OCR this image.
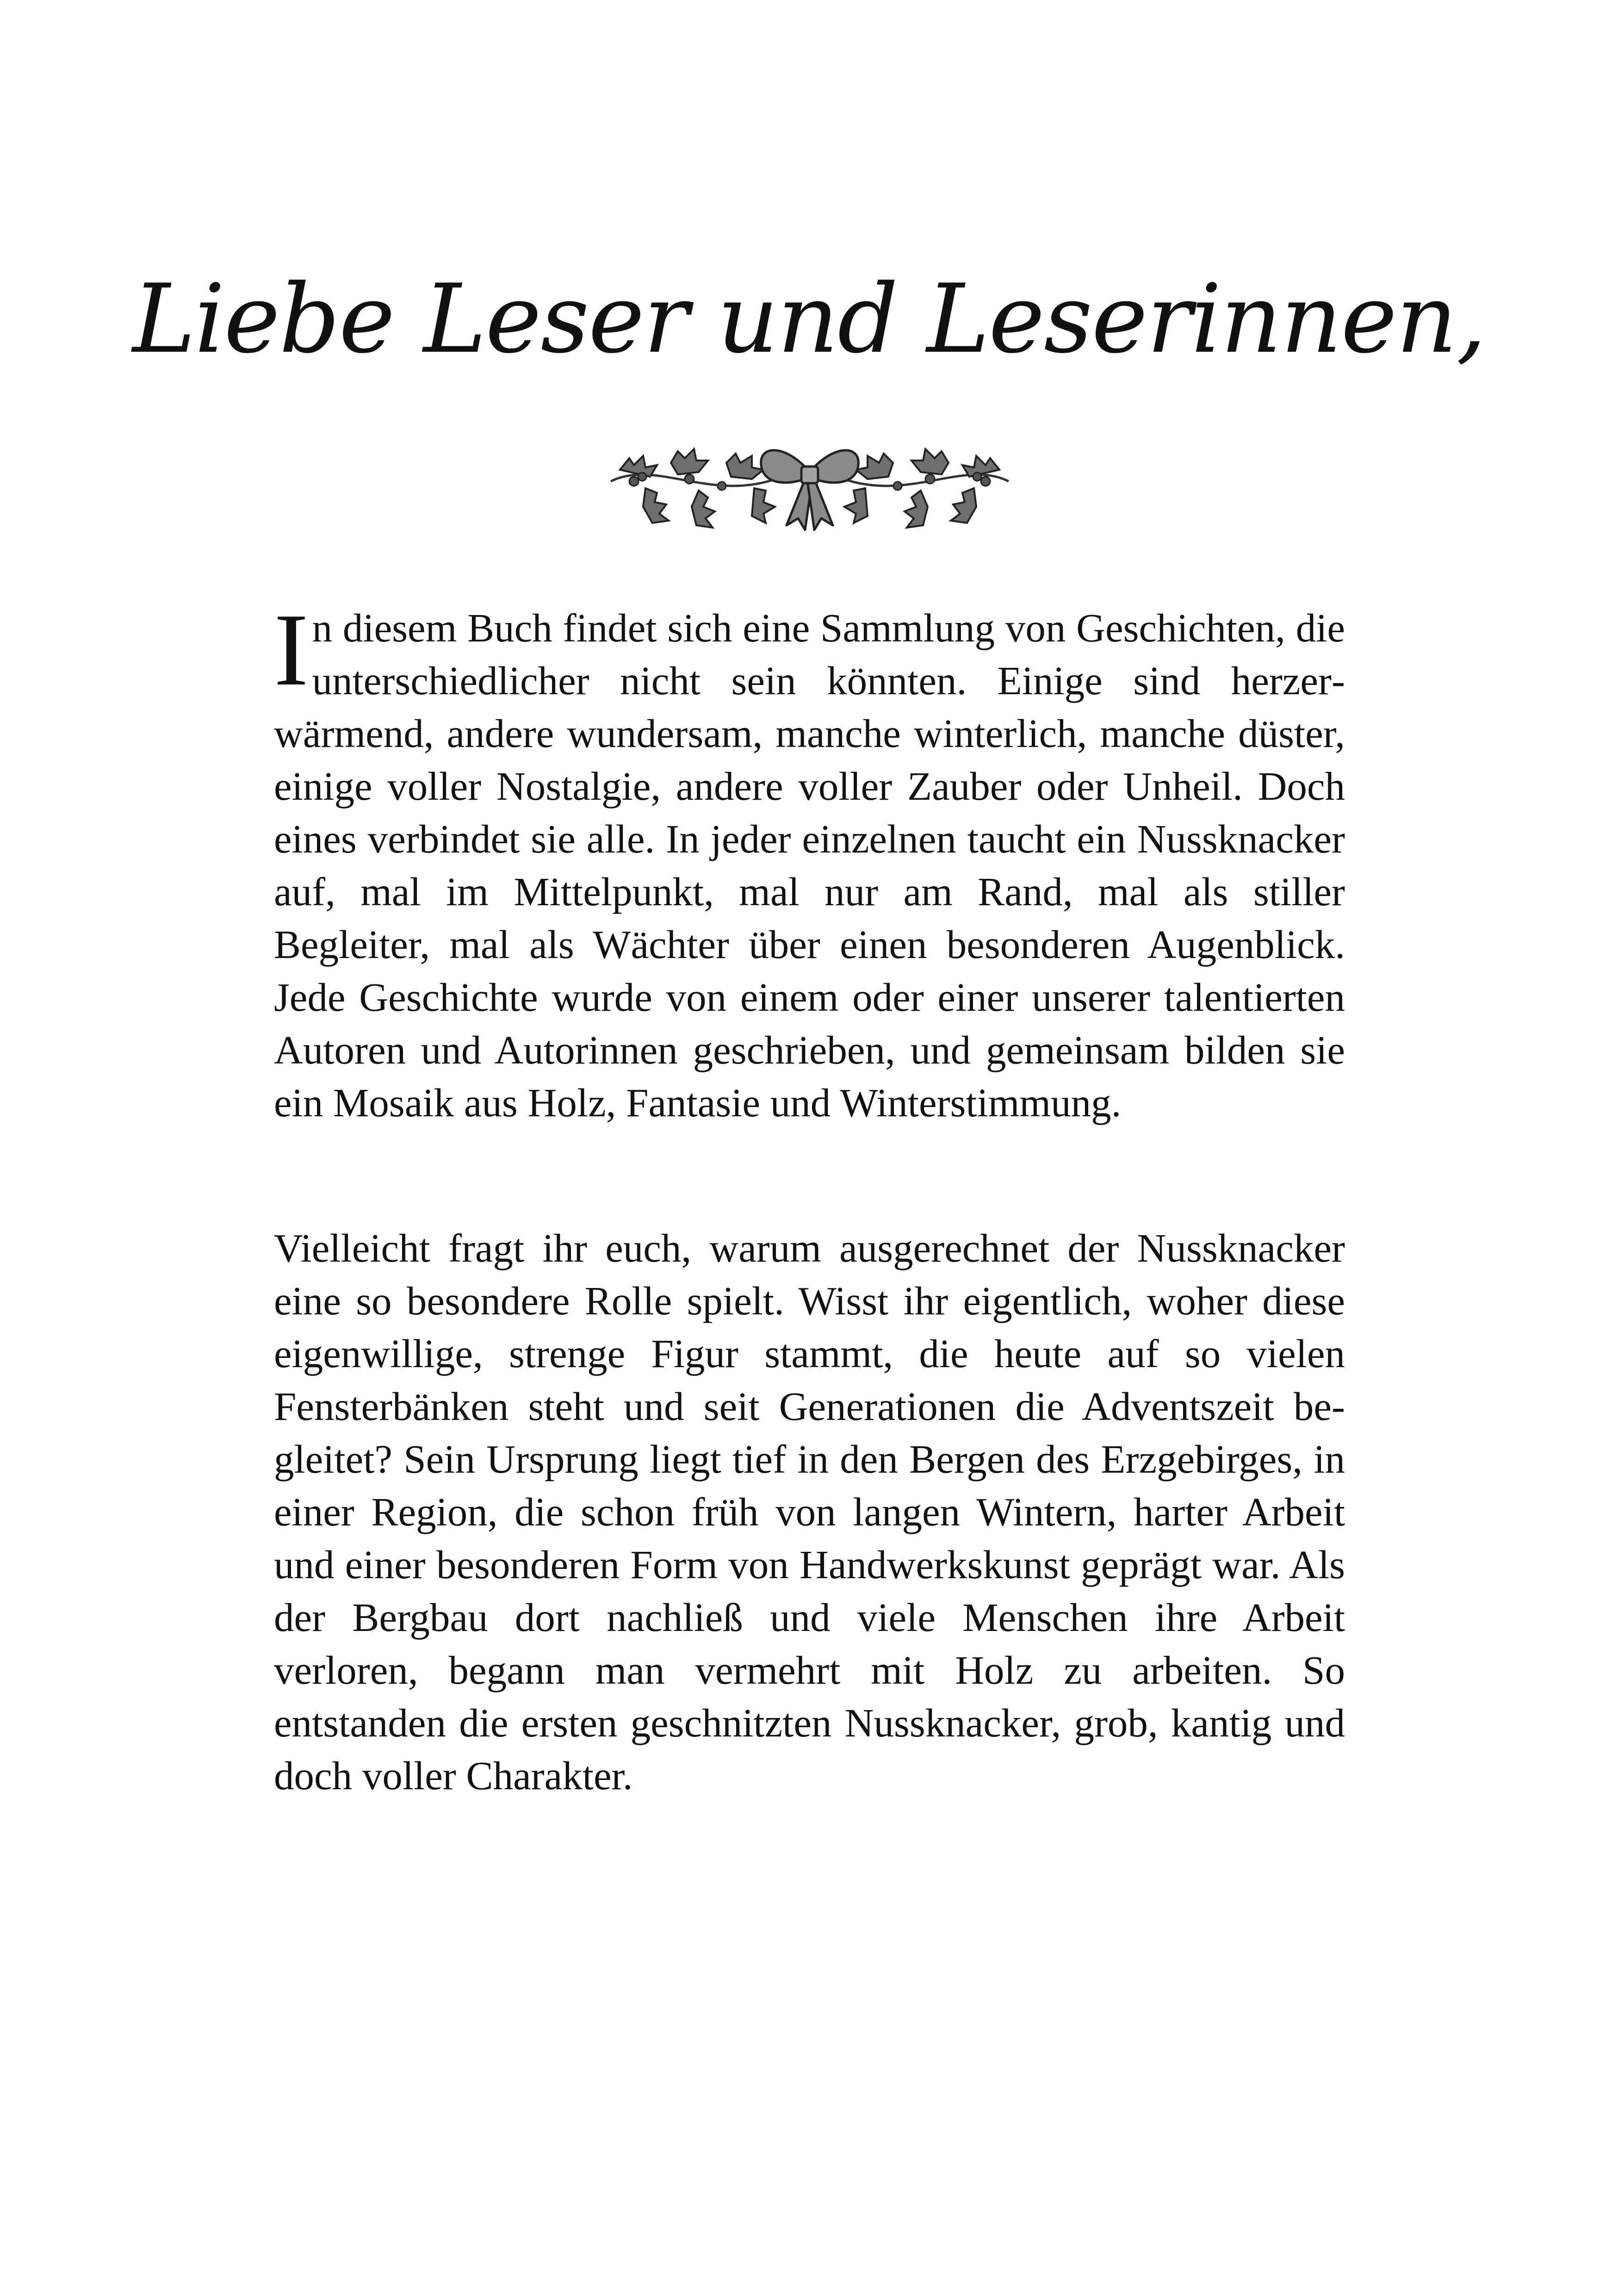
Liebe Leser und Leserinnen,

In diesem Buch findet sich eine Sammlung von Geschichten, die unterschiedlicher nicht sein könnten. Einige sind herzerwärmend, andere wundersam, manche winterlich, manche düster, einige voller Nostalgie, andere voller Zauber oder Unheil. Doch eines verbindet sie alle. In jeder einzelnen taucht ein Nussknacker auf, mal im Mittelpunkt, mal nur am Rand, mal als stiller Begleiter, mal als Wächter über einen besonderen Augenblick. Jede Geschichte wurde von einem oder einer unserer talentierten Autoren und Autorinnen geschrieben, und gemeinsam bilden sie ein Mosaik aus Holz, Fantasie und Winterstimmung.

Vielleicht fragt ihr euch, warum ausgerechnet der Nussknacker eine so besondere Rolle spielt. Wisst ihr eigentlich, woher diese eigenwillige, strenge Figur stammt, die heute auf so vielen Fensterbänken steht und seit Generationen die Adventszeit begleitet? Sein Ursprung liegt tief in den Bergen des Erzgebirges, in einer Region, die schon früh von langen Wintern, harter Arbeit und einer besonderen Form von Handwerkskunst geprägt war. Als der Bergbau dort nachließ und viele Menschen ihre Arbeit verloren, begann man vermehrt mit Holz zu arbeiten. So entstanden die ersten geschnitzten Nussknacker, grob, kantig und doch voller Charakter.
